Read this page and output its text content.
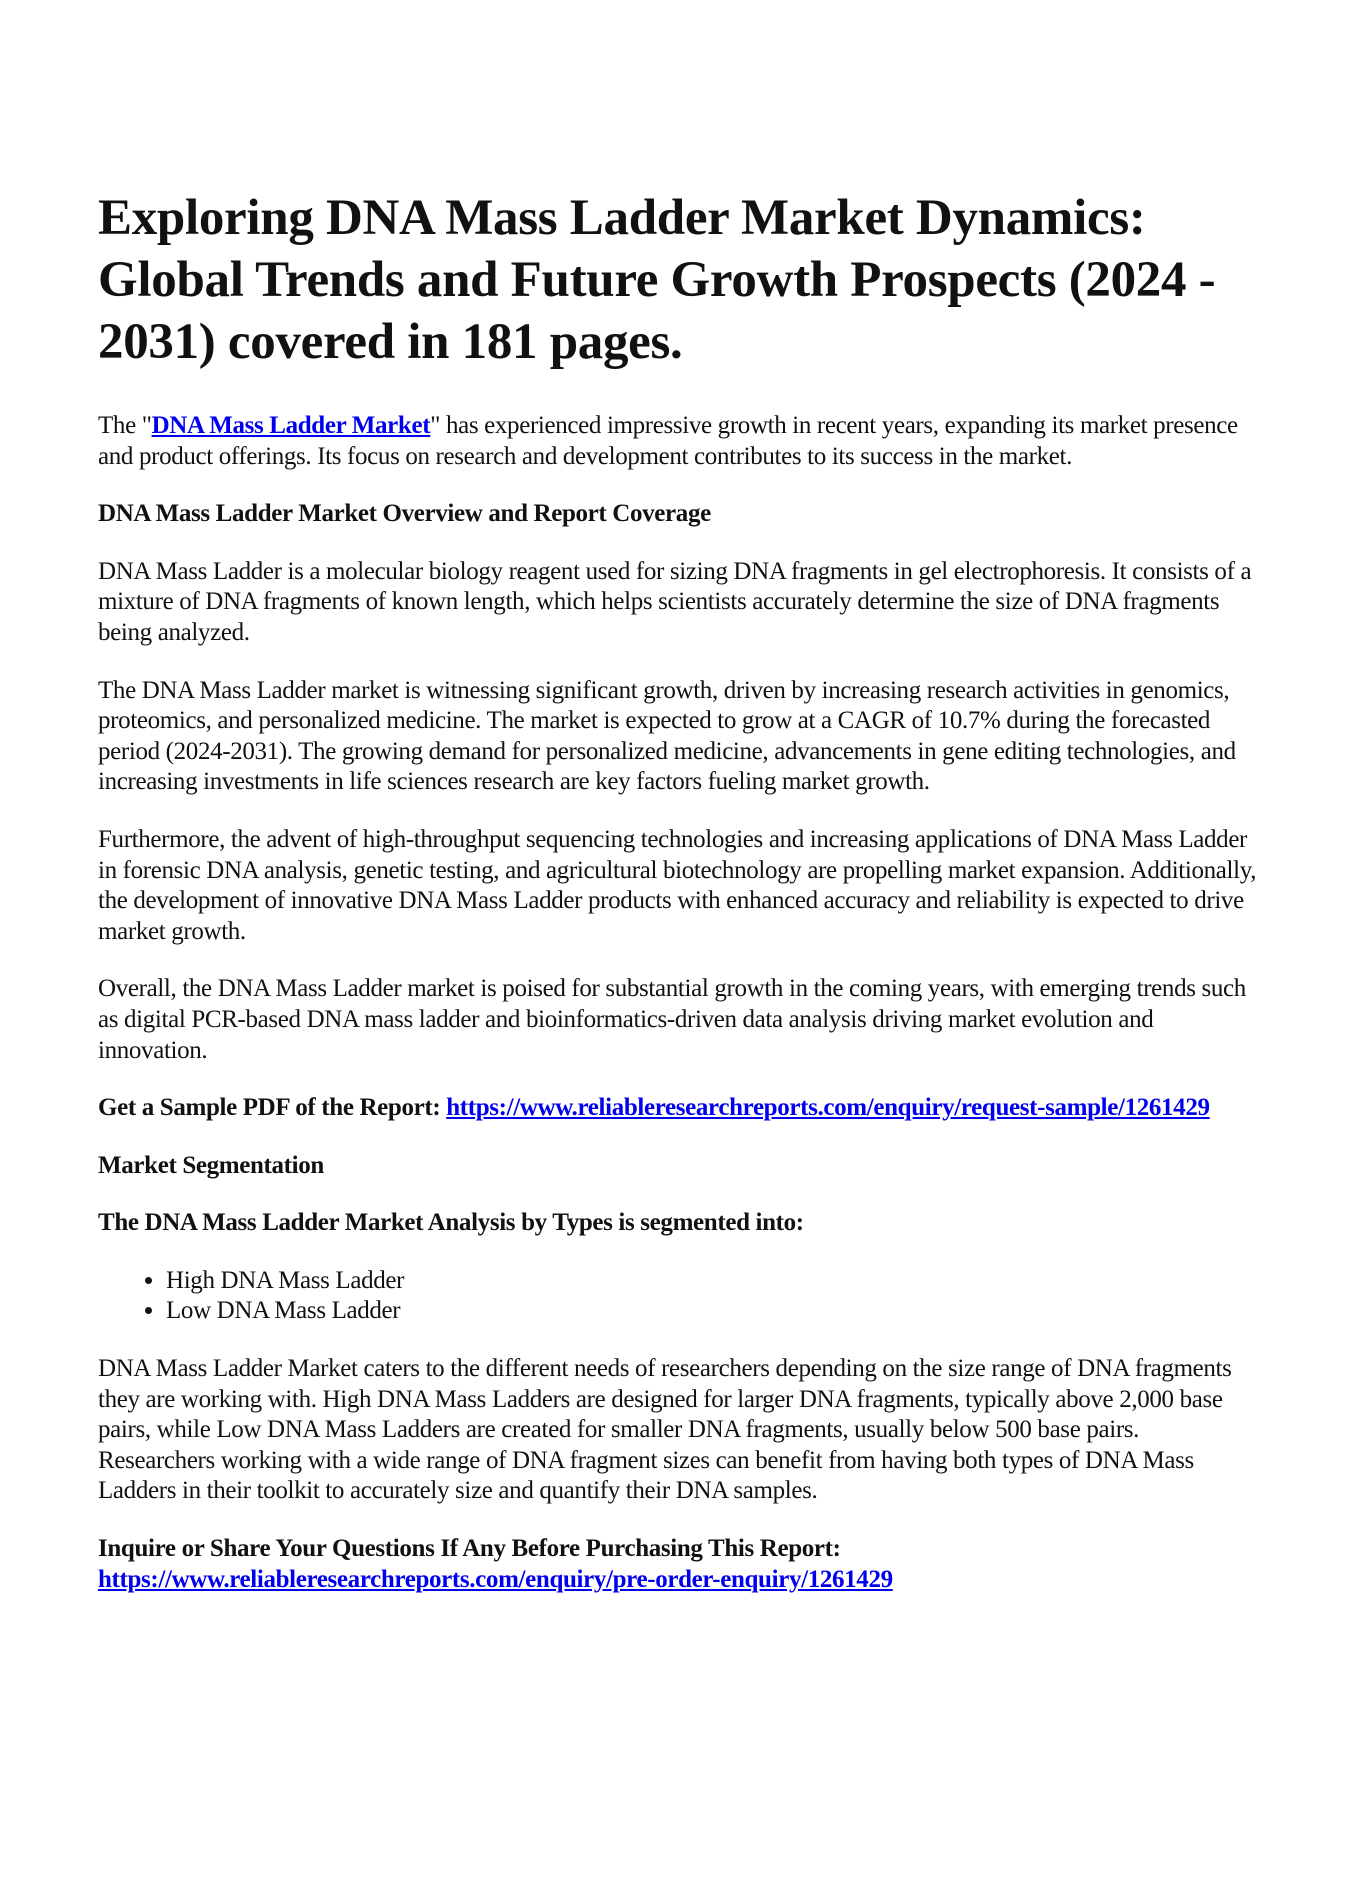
Exploring DNA Mass Ladder Market Dynamics: Global Trends and Future Growth Prospects (2024 - 2031) covered in 181 pages.

The "DNA Mass Ladder Market" has experienced impressive growth in recent years, expanding its market presence and product offerings. Its focus on research and development contributes to its success in the market.

DNA Mass Ladder Market Overview and Report Coverage

DNA Mass Ladder is a molecular biology reagent used for sizing DNA fragments in gel electrophoresis. It consists of a mixture of DNA fragments of known length, which helps scientists accurately determine the size of DNA fragments being analyzed.

The DNA Mass Ladder market is witnessing significant growth, driven by increasing research activities in genomics, proteomics, and personalized medicine. The market is expected to grow at a CAGR of 10.7% during the forecasted period (2024-2031). The growing demand for personalized medicine, advancements in gene editing technologies, and increasing investments in life sciences research are key factors fueling market growth.

Furthermore, the advent of high-throughput sequencing technologies and increasing applications of DNA Mass Ladder in forensic DNA analysis, genetic testing, and agricultural biotechnology are propelling market expansion. Additionally, the development of innovative DNA Mass Ladder products with enhanced accuracy and reliability is expected to drive market growth.

Overall, the DNA Mass Ladder market is poised for substantial growth in the coming years, with emerging trends such as digital PCR-based DNA mass ladder and bioinformatics-driven data analysis driving market evolution and innovation.

Get a Sample PDF of the Report: https://www.reliableresearchreports.com/enquiry/request-sample/1261429
Market Segmentation
The DNA Mass Ladder Market Analysis by Types is segmented into:
• High DNA Mass Ladder
• Low DNA Mass Ladder

DNA Mass Ladder Market caters to the different needs of researchers depending on the size range of DNA fragments they are working with. High DNA Mass Ladders are designed for larger DNA fragments, typically above 2,000 base pairs, while Low DNA Mass Ladders are created for smaller DNA fragments, usually below 500 base pairs. Researchers working with a wide range of DNA fragment sizes can benefit from having both types of DNA Mass Ladders in their toolkit to accurately size and quantify their DNA samples.

Inquire or Share Your Questions If Any Before Purchasing This Report: https://www.reliableresearchreports.com/enquiry/pre-order-enquiry/1261429
